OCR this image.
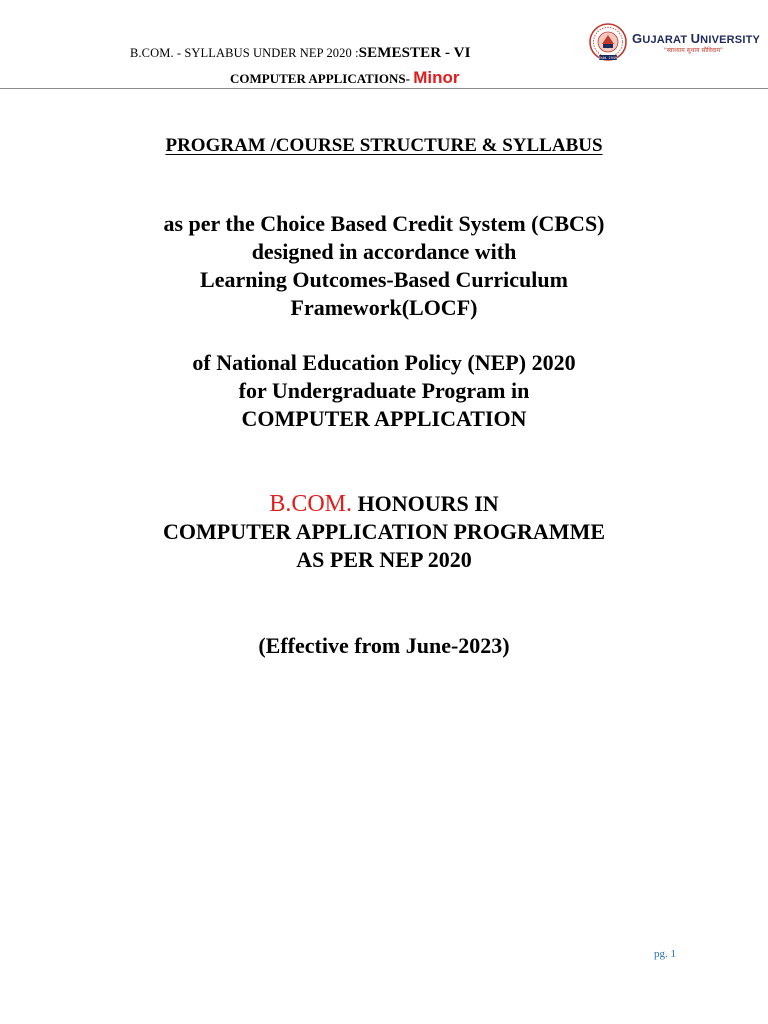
B.COM. - SYLLABUS UNDER NEP 2020 :SEMESTER - VI
COMPUTER APPLICATIONS- Minor
Estd. 1949
GUJARAT UNIVERSITY
"स्वाध्याय सुधाय सौविदाय"
PROGRAM /COURSE STRUCTURE & SYLLABUS
as per the Choice Based Credit System (CBCS)
designed in accordance with
Learning Outcomes-Based Curriculum
Framework(LOCF)
of National Education Policy (NEP) 2020
for Undergraduate Program in
COMPUTER APPLICATION
B.COM. HONOURS IN
COMPUTER APPLICATION PROGRAMME
AS PER NEP 2020
(Effective from June-2023)
pg. 1
